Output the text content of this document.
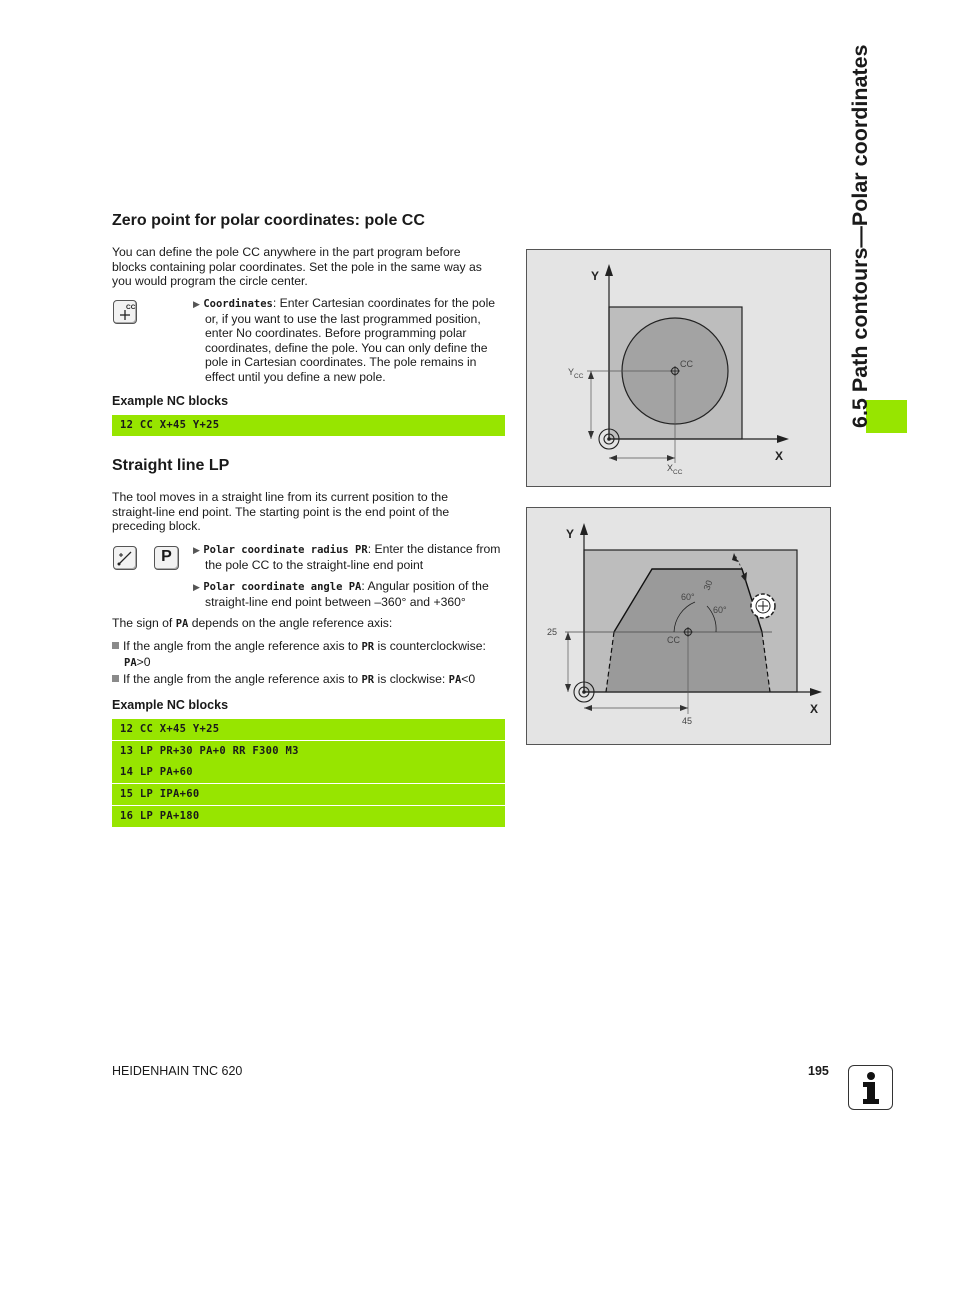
Zero point for polar coordinates: pole CC
You can define the pole CC anywhere in the part program before
blocks containing polar coordinates. Set the pole in the same way as
you would program the circle center.
CC	▶ Coordinates: Enter Cartesian coordinates for the pole
or, if you want to use the last programmed position,
enter No coordinates. Before programming polar
coordinates, define the pole. You can only define the
pole in Cartesian coordinates. The pole remains in
effect until you define a new pole.
Example NC blocks
12 CC X+45 Y+25
Straight line LP
The tool moves in a straight line from its current position to the
straight-line end point. The starting point is the end point of the
preceding block.
P	▶ Polar coordinate radius PR: Enter the distance from
the pole CC to the straight-line end point
▶ Polar coordinate angle PA: Angular position of the
straight-line end point between –360° and +360°
The sign of PA depends on the angle reference axis:
If the angle from the angle reference axis to PR is counterclockwise:
PA>0
If the angle from the angle reference axis to PR is clockwise: PA<0
Example NC blocks
12 CC X+45 Y+25
13 LP PR+30 PA+0 RR F300 M3
14 LP PA+60
15 LP IPA+60
16 LP PA+180
Y
X
CC
Y CC
X CC
Y
X
CC
25
45
60°
60°
30
6.5 Path contours—Polar coordinates
HEIDENHAIN TNC 620	195
